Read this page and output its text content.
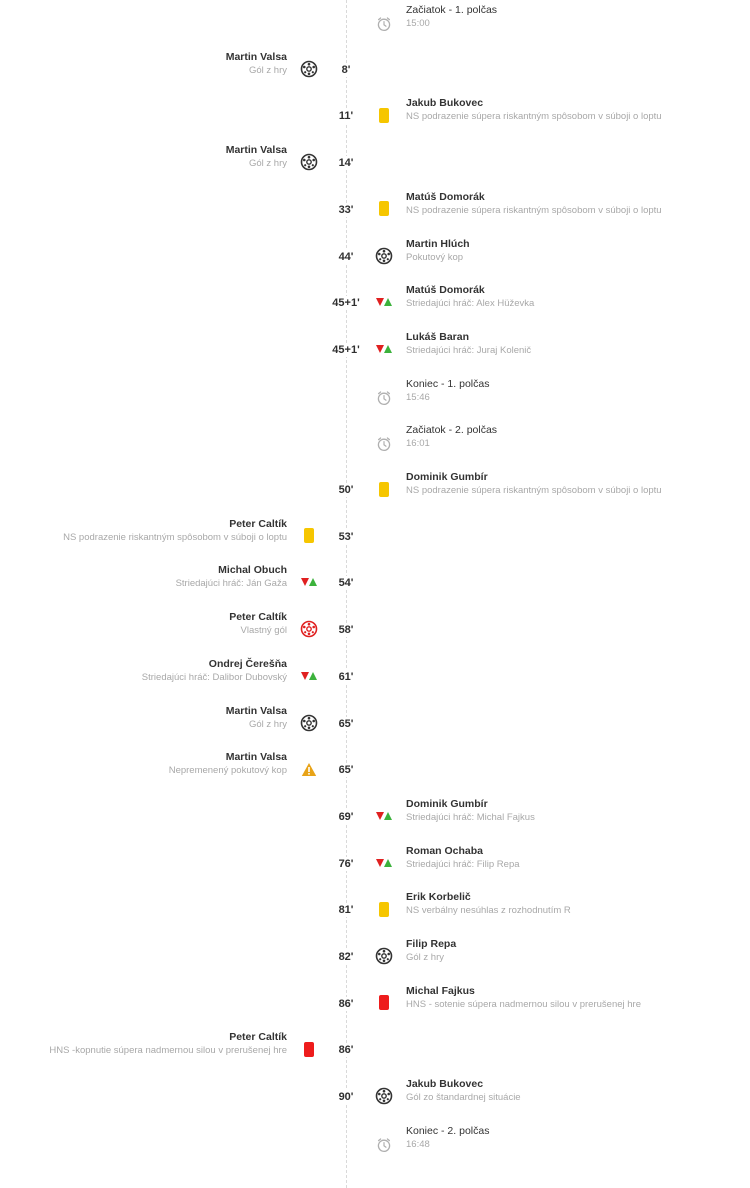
Začiatok - 1. polčas
15:00
8'
Martin Valsa
Gól z hry
11'
Jakub Bukovec
NS podrazenie súpera riskantným spôsobom v súboji o loptu
14'
Martin Valsa
Gól z hry
33'
Matúš Domorák
NS podrazenie súpera riskantným spôsobom v súboji o loptu
44'
Martin Hlúch
Pokutový kop
45+1'
Matúš Domorák
Striedajúci hráč: Alex Hüževka
45+1'
Lukáš Baran
Striedajúci hráč: Juraj Kolenič
Koniec - 1. polčas
15:46
Začiatok - 2. polčas
16:01
50'
Dominik Gumbír
NS podrazenie súpera riskantným spôsobom v súboji o loptu
53'
Peter Caltík
NS podrazenie riskantným spôsobom v súboji o loptu
54'
Michal Obuch
Striedajúci hráč: Ján Gaža
58'
Peter Caltík
Vlastný gól
61'
Ondrej Čerešňa
Striedajúci hráč: Dalibor Dubovský
65'
Martin Valsa
Gól z hry
65'
Martin Valsa
Nepremenený pokutový kop
69'
Dominik Gumbír
Striedajúci hráč: Michal Fajkus
76'
Roman Ochaba
Striedajúci hráč: Filip Repa
81'
Erik Korbelič
NS verbálny nesúhlas z rozhodnutím R
82'
Filip Repa
Gól z hry
86'
Michal Fajkus
HNS - sotenie súpera nadmernou silou v prerušenej hre
86'
Peter Caltík
HNS -kopnutie súpera nadmernou silou v prerušenej hre
90'
Jakub Bukovec
Gól zo štandardnej situácie
Koniec - 2. polčas
16:48
